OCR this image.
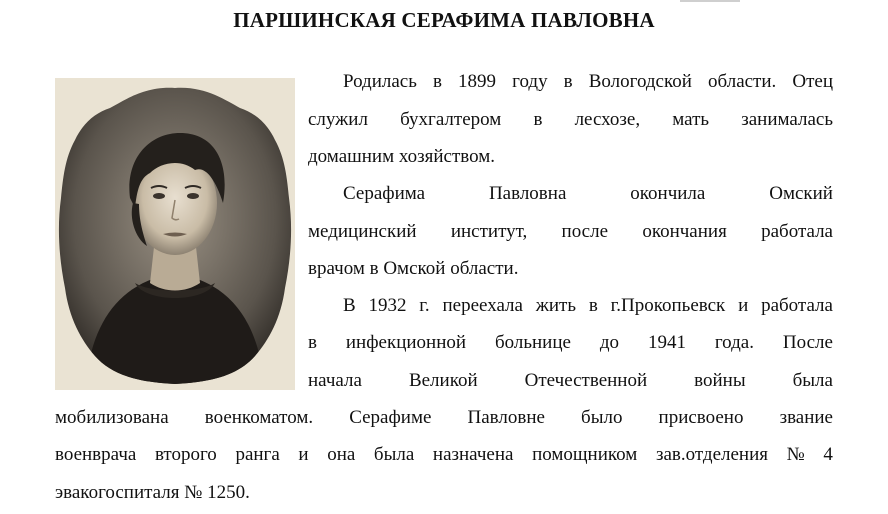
ПАРШИНСКАЯ СЕРАФИМА ПАВЛОВНА
Родилась в 1899 году в Вологодской области. Отец
служил бухгалтером в лесхозе, мать занималась
домашним хозяйством.
Серафима	Павловна	окончила	Омский
медицинский институт, после окончания работала
врачом в Омской области.
В 1932 г. переехала жить в г.Прокопьевск и работала
в инфекционной больнице до 1941 года. После
начала Великой Отечественной войны была
мобилизована военкоматом. Серафиме Павловне было присвоено звание
военврача второго ранга и она была назначена помощником зав.отделения № 4
эвакогоспиталя № 1250.
